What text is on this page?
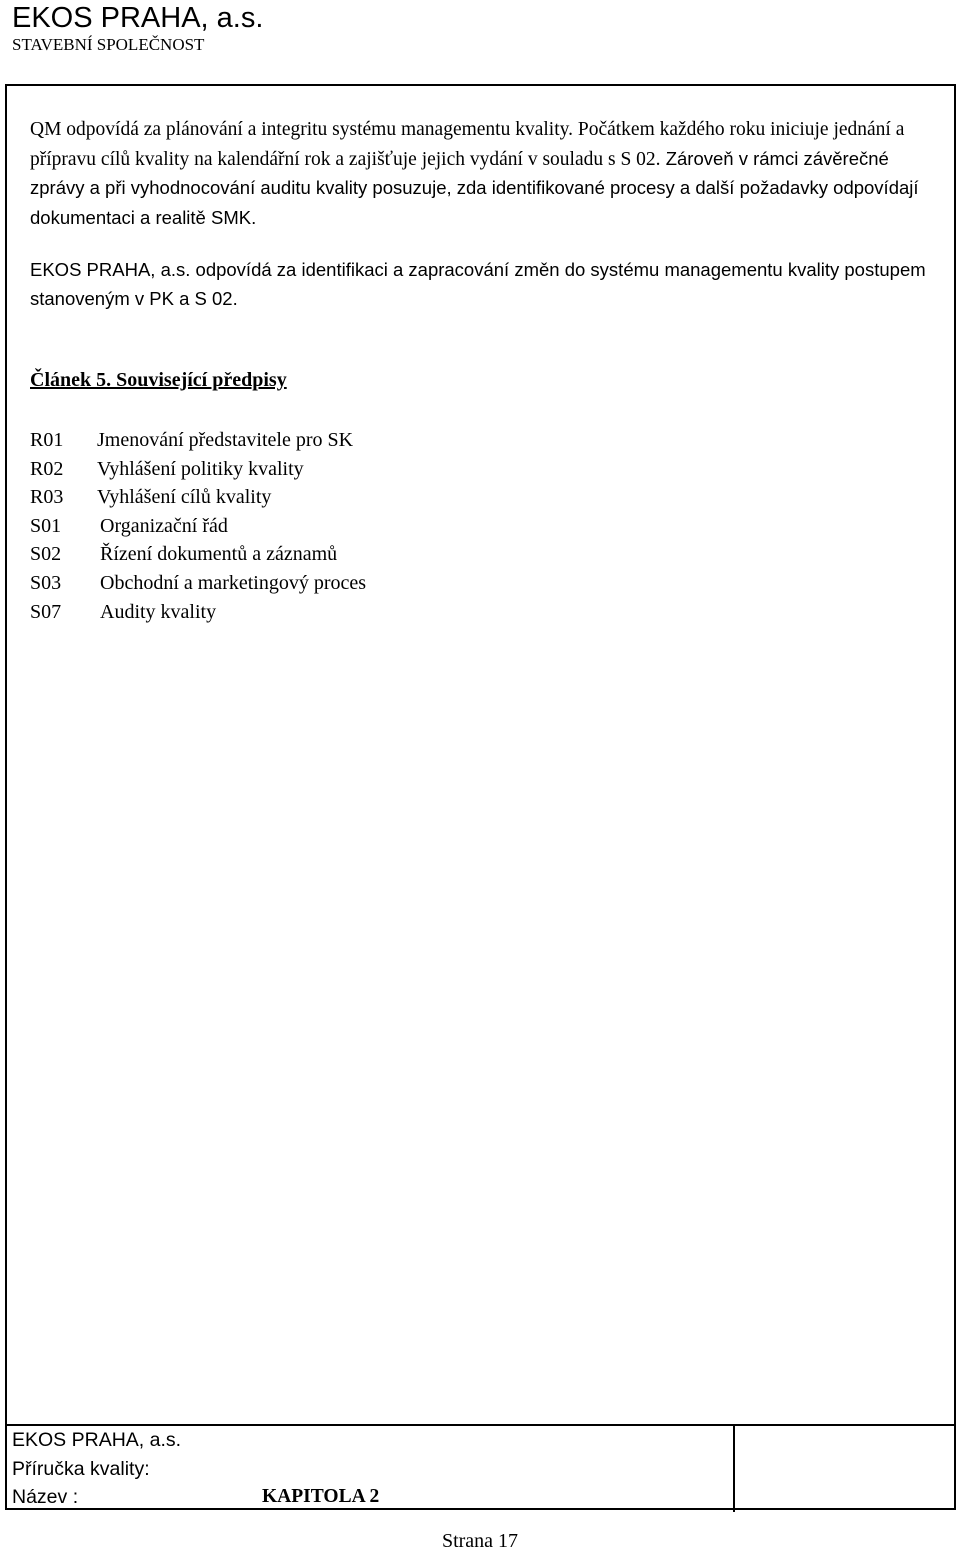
EKOS PRAHA, a.s.
STAVEBNÍ SPOLEČNOST
QM odpovídá za plánování a integritu systému managementu kvality. Počátkem každého roku iniciuje jednání a přípravu cílů kvality na kalendářní rok a zajišťuje jejich vydání v souladu s S 02. Zároveň v rámci závěrečné zprávy a při vyhodnocování auditu kvality posuzuje, zda identifikované procesy a další požadavky odpovídají dokumentaci a realitě SMK.
EKOS PRAHA, a.s. odpovídá za identifikaci a zapracování změn do systému managementu kvality postupem stanoveným v PK a S 02.
Článek 5. Související předpisy
R01 Jmenování představitele pro SK
R02 Vyhlášení politiky kvality
R03 Vyhlášení cílů kvality
S01 Organizační řád
S02 Řízení dokumentů a záznamů
S03 Obchodní a marketingový proces
S07 Audity kvality
EKOS PRAHA, a.s.
Příručka kvality:
Název :	KAPITOLA 2
Strana 17
